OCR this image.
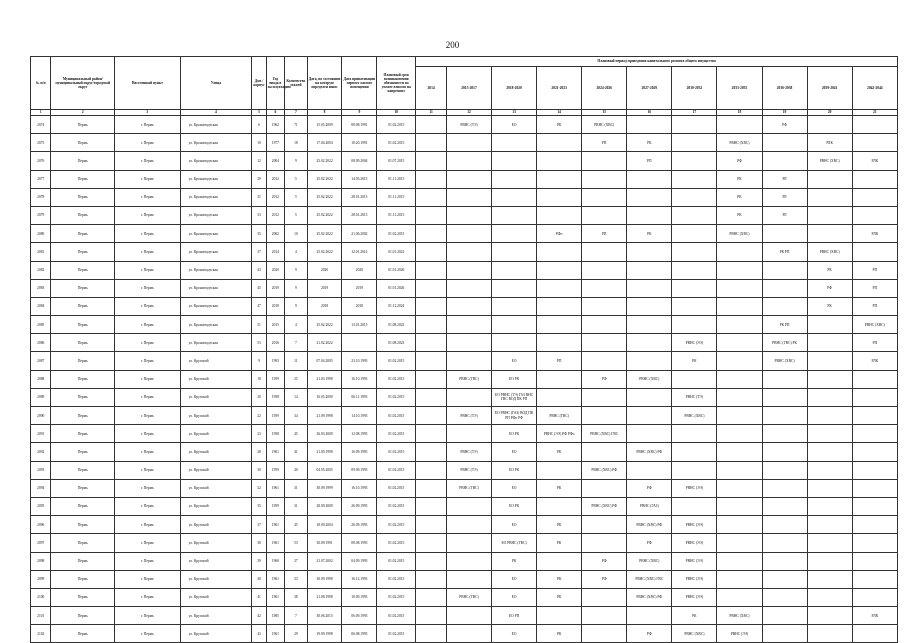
200
№ п/п	Муниципальный район/ муниципальный округ/городской округ	Населенный пункт	Улица	Дом / корпус	Год ввода в эксплуатацию	Количество этажей	Дата, по состоянию на которую определен износ	Дата приватизации первого жилого помещения	Плановый срок возникновения обязанности по уплате взносов на капремонт	Плановый период проведения капитального ремонта общего имущества										
										2014	2015-2017	2018-2020	2021-2023	2024-2026	2027-2029	2030-2032	2033-2035	2036-2038	2039-2041	2042-2044
1	2	3	4	5	6	7	8	9	10	11	12	13	14	15	16	17	18	19	20	21
2074	Пермь	г. Пермь	ул. Кронштадтская	6	1962	71	15.05.2009	08.08.1991	01.02.2015		РВНС (ТЭ)	ЕО	РК	РВНС (ХВС)				РФ		
2075	Пермь	г. Пермь	ул. Кронштадтская	10	1977	18	17.04.2004	10.20.1991	01.02.2015					РП	РК		РВНС (ХВС)		РЛК	
2076	Пермь	г. Пермь	ул. Кронштадтская	12	2004	9	23.02.2022	08.09.2004	01.07.2015						РП		РФ		РВНС (ХВС)	РЛК
2077	Пермь	г. Пермь	ул. Кронштадтская	29	2012	5	25.02.2022	14.03.2013	01.11.2015								РК	РЛ		
2078	Пермь	г. Пермь	ул. Кронштадтская	31	2012	5	25.02.2022	28.01.2013	01.11.2015								РК	РЛ		
2079	Пермь	г. Пермь	ул. Кронштадтская	33	2012	5	25.02.2022	28.01.2013	01.11.2015								РК	РЛ		
2080	Пермь	г. Пермь	ул. Кронштадтская	35	2002	10	25.02.2022	21.06.2002	01.02.2015				РФо	РП	РК		РВНС (ХВС)			РЛК
2081	Пермь	г. Пермь	ул. Кронштадтская	37	2014	4	25.02.2022	12.01.2014	01.01.2022									РК РП	РВНС (ХВС)	
2082	Пермь	г. Пермь	ул. Кронштадтская	43	2020	9	2020	2020	01.01.2026										РК	РП
2083	Пермь	г. Пермь	ул. Кронштадтская	45	2019	9	2019	2019	01.01.2026										РФ	РП
2084	Пермь	г. Пермь	ул. Кронштадтская	47	2018	9	2018	2018	01.12.2024										РК	РП
2085	Пермь	г. Пермь	ул. Кронштадтская	51	2015	4	25.02.2022	13.01.2015	01.08.2023									РК РП		РВНС (ХВС)
2086	Пермь	г. Пермь	ул. Кронштадтская	53	2016	7	21.02.2022		01.08.2023							РВНС (ЭЭ)		РВНС (ГВС) РК		РП
2087	Пермь	г. Пермь	ул. Крупской	9	1993	11	07.04.2005	23.10.1993	01.02.2015			ЕО	РП			РК		РВНС (ХВС)		РЛК
2088	Пермь	г. Пермь	ул. Крупской	18	1959	25	21.03.1998	16.10.1993	01.02.2015		РВНС (ГВС)	ЕО РК		РФ	РВНС (ХВС)					
2089	Пермь	г. Пермь	ул. Крупской	20	1958	14	16.05.2000	06.11.1993	01.02.2015			ЕО РВНС (ТЭ) ГАЗ ВНС ГВС ВОД ПК РП				РВНС (ТЭ)				
2090	Пермь	г. Пермь	ул. Крупской	22	1959	34	21.09.1998	14.10.1993	01.02.2015		РВНС (ТЭ)	ЕО РВНС (ГАЗ) ВОД ПК РП РФо РФ	РВНС (ГВС)			РВНС (ХВС)				
2091	Пермь	г. Пермь	ул. Крупской	23	1958	45	26.03.2000	12.08.1993	01.02.2015			ЕО РК	РВНС (ЭЭ) РФ РФо	РВНС (ХВС) ГВС						
2092	Пермь	г. Пермь	ул. Крупской	28	1961	41	21.00.1998	16.09.1993	01.02.2015		РВНС (ТЭ)	ЕО	РК		РВНС (ХВС) РФ					
2093	Пермь	г. Пермь	ул. Крупской	30	1959	40	04.05.2005	09.09.1993	01.02.2015		РВНС (ТЭ)	ЕО РК		РВНС (ХВС) РФ						
2094	Пермь	г. Пермь	ул. Крупской	32	1961	31	30.09.1999	16.10.1993	01.02.2015		РВНС (ГВС)	ЕО	РК		РФ	РВНС (ЭЭ)				
2095	Пермь	г. Пермь	ул. Крупской	35	1959	31	28.09.2000	26.09.1993	01.02.2015			ЕО РК		РВНС (ХВС) РФ	РВНС (ГАЗ)					
2096	Пермь	г. Пермь	ул. Крупской	37	1961	45	18.09.2004	26.09.1993	01.02.2015			ЕО	РК		РВНС (ХВС) РФ	РВНС (ЭЭ)				
2097	Пермь	г. Пермь	ул. Крупской	38	1961	53	30.09.1991	08.08.1993	01.02.2015			ЕО РВНС (ГВС)	РК		РФ	РВНС (ЭЭ)				
2098	Пермь	г. Пермь	ул. Крупской	39	1960	27	21.07.2002	04.09.1993	01.02.2015			РК		РФ	РВНС (ХВС)	РВНС (ЭЭ)				
2099	Пермь	г. Пермь	ул. Крупской	40	1961	33	30.09.1998	16.12.1993	01.02.2015			ЕО	РК	РФ	РВНС (ХВС) ГВС	РВНС (ЭЭ)				
2100	Пермь	г. Пермь	ул. Крупской	41	1961	38	21.08.1998	10.09.1993	01.02.2015		РВНС (ГВС)	ЕО	РК		РВНС (ХВС) РФ	РВНС (ЭЭ)				
2101	Пермь	г. Пермь	ул. Крупской	42	1985	7	30.06.2015	06.09.1993	01.02.2015			ЕО РП				РК	РВНС (ХВС)			РЛК
2102	Пермь	г. Пермь	ул. Крупской	43	1961	29	19.09.1998	06.08.1993	01.02.2015			ЕО	РК		РФ	РВНС (ХВС)	РВНС (ЭЭ)			
